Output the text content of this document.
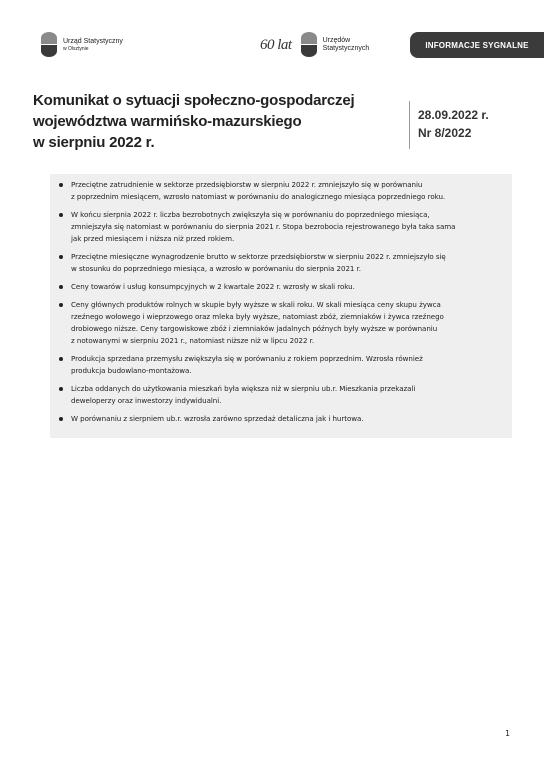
Urząd Statystyczny
w Olsztynie	60 lat	Urzędów
Statystycznych	INFORMACJE SYGNALNE
Komunikat o sytuacji społeczno-gospodarczej
województwa warmińsko-mazurskiego
w sierpniu 2022 r.
28.09.2022 r.
Nr 8/2022
Przeciętne zatrudnienie w sektorze przedsiębiorstw w sierpniu 2022 r. zmniejszyło się w porównaniu
z poprzednim miesiącem, wzrosło natomiast w porównaniu do analogicznego miesiąca poprzedniego roku.
W końcu sierpnia 2022 r. liczba bezrobotnych zwiększyła się w porównaniu do poprzedniego miesiąca,
zmniejszyła się natomiast w porównaniu do sierpnia 2021 r. Stopa bezrobocia rejestrowanego była taka sama
jak przed miesiącem i niższa niż przed rokiem.
Przeciętne miesięczne wynagrodzenie brutto w sektorze przedsiębiorstw w sierpniu 2022 r. zmniejszyło się
w stosunku do poprzedniego miesiąca, a wzrosło w porównaniu do sierpnia 2021 r.
Ceny towarów i usług konsumpcyjnych w 2 kwartale 2022 r. wzrosły w skali roku.
Ceny głównych produktów rolnych w skupie były wyższe w skali roku. W skali miesiąca ceny skupu żywca
rzeźnego wołowego i wieprzowego oraz mleka były wyższe, natomiast zbóż, ziemniaków i żywca rzeźnego
drobiowego niższe. Ceny targowiskowe zbóż i ziemniaków jadalnych późnych były wyższe w porównaniu
z notowanymi w sierpniu 2021 r., natomiast niższe niż w lipcu 2022 r.
Produkcja sprzedana przemysłu zwiększyła się w porównaniu z rokiem poprzednim. Wzrosła również
produkcja budowlano-montażowa.
Liczba oddanych do użytkowania mieszkań była większa niż w sierpniu ub.r. Mieszkania przekazali
deweloperzy oraz inwestorzy indywidualni.
W porównaniu z sierpniem ub.r. wzrosła zarówno sprzedaż detaliczna jak i hurtowa.
1
